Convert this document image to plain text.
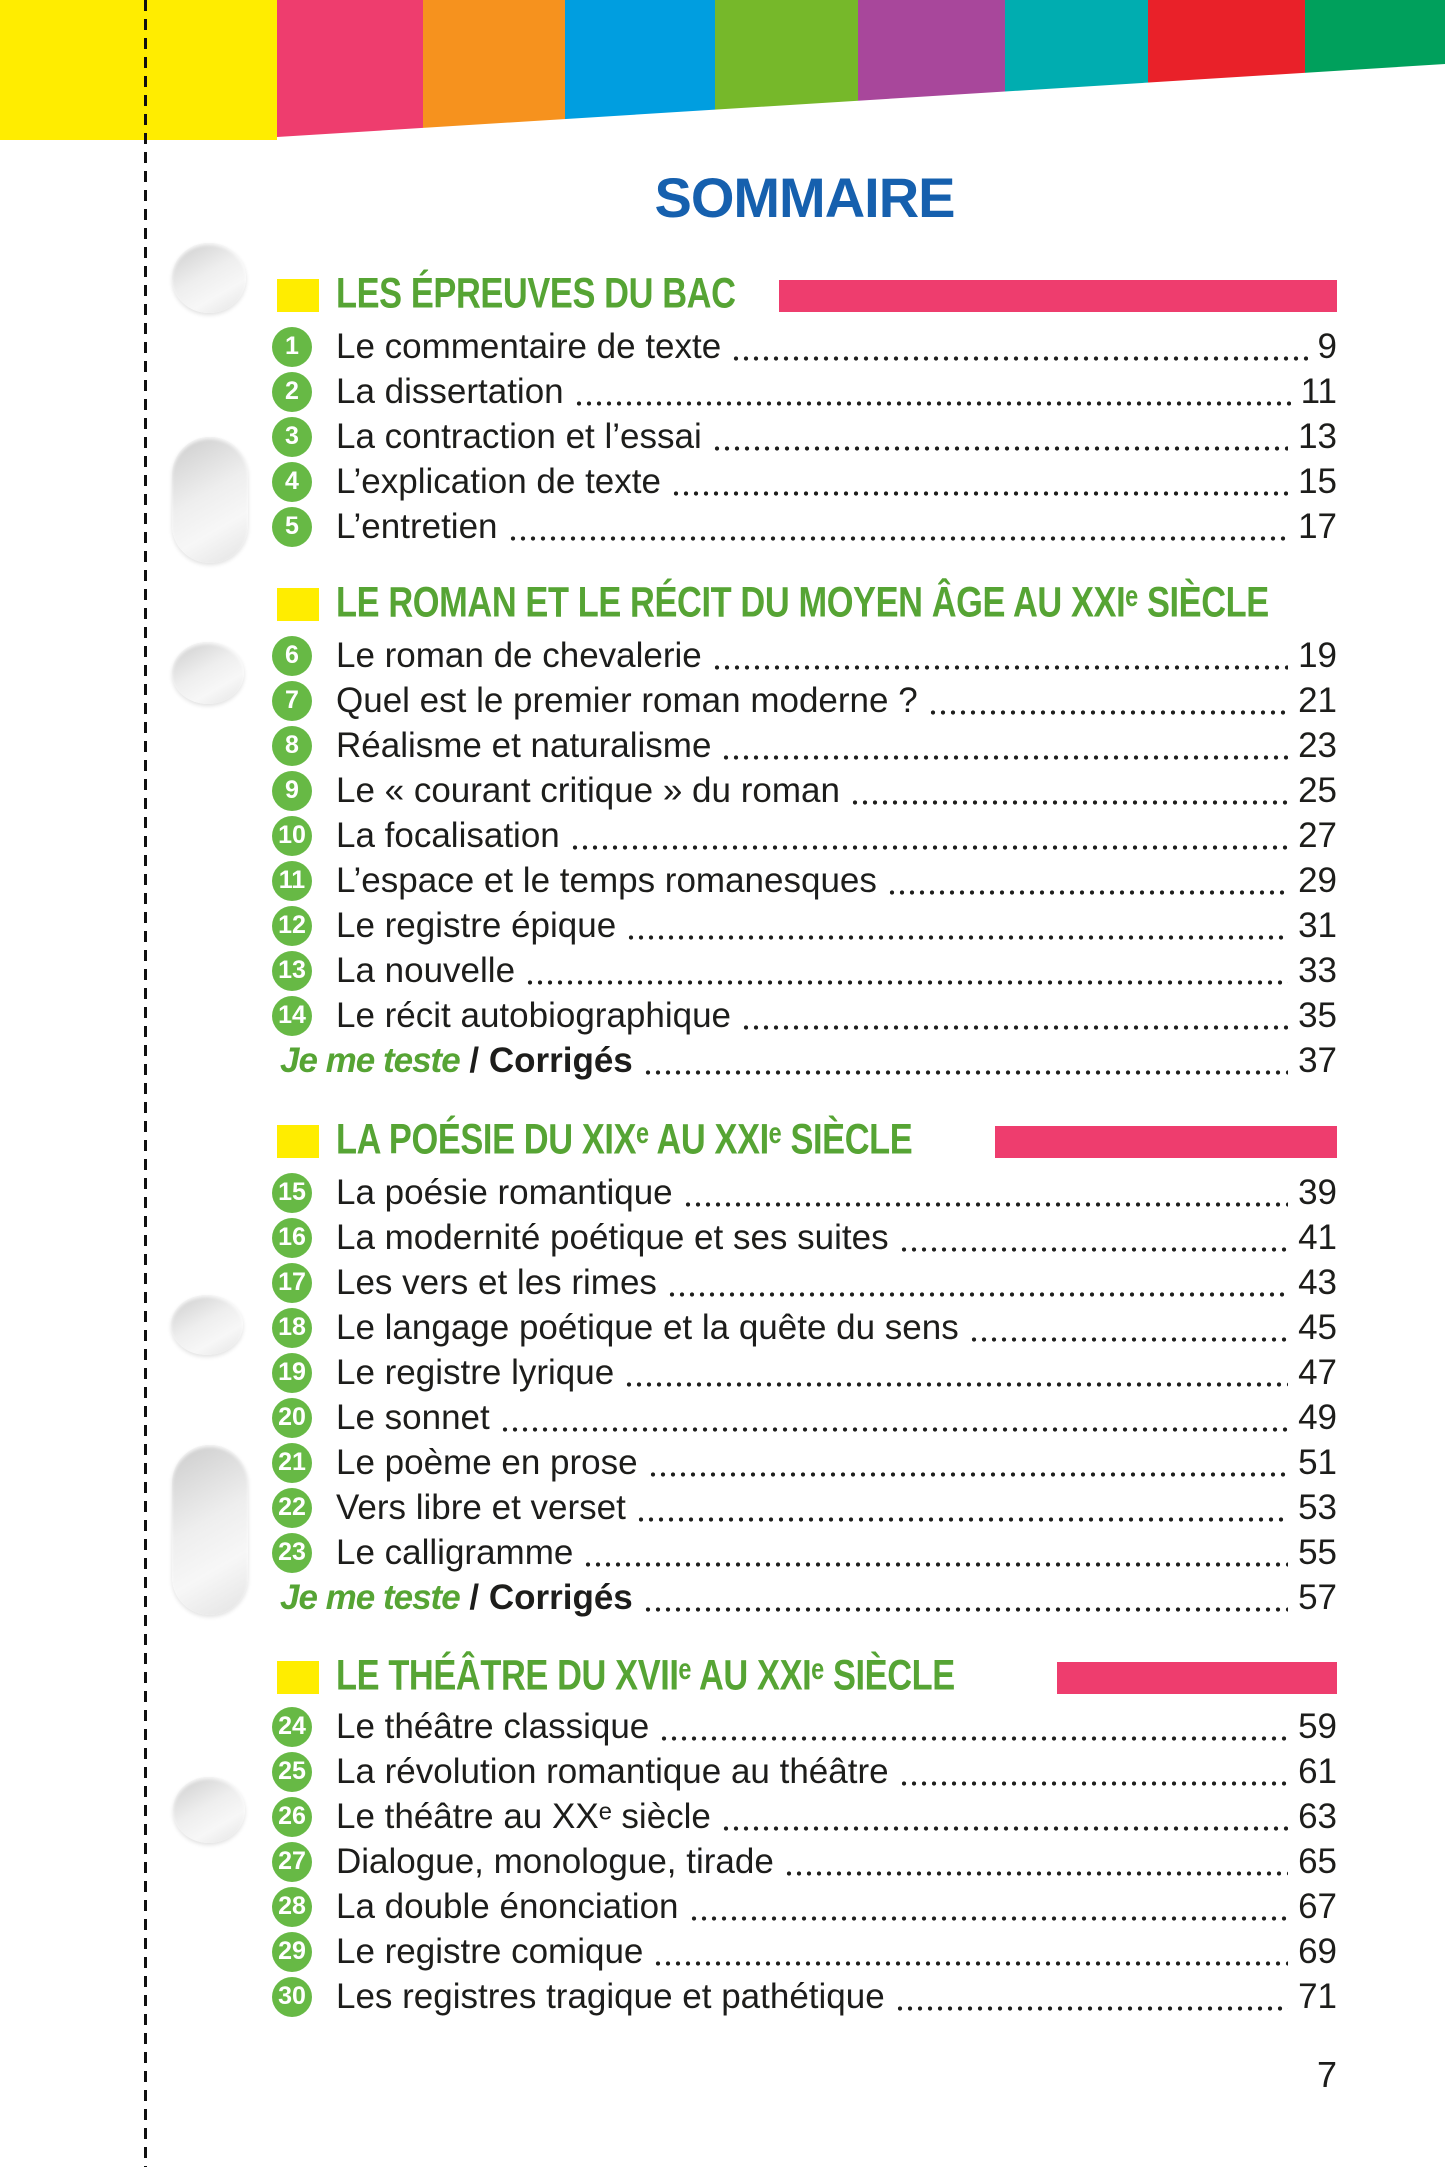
SOMMAIRE
LES ÉPREUVES DU BAC
1	Le commentaire de texte	9
2	La dissertation	11
3	La contraction et l’essai	13
4	L’explication de texte	15
5	L’entretien	17
LE ROMAN ET LE RÉCIT DU MOYEN ÂGE AU XXIᵉ SIÈCLE
6	Le roman de chevalerie	19
7	Quel est le premier roman moderne ?	21
8	Réalisme et naturalisme	23
9	Le « courant critique » du roman	25
10 La focalisation	27
11 L’espace et le temps romanesques	29
12 Le registre épique	31
13 La nouvelle	33
14 Le récit autobiographique	35
Je me teste / Corrigés	37
LA POÉSIE DU XIXᵉ AU XXIᵉ SIÈCLE
15 La poésie romantique	39
16 La modernité poétique et ses suites	41
17 Les vers et les rimes	43
18 Le langage poétique et la quête du sens	45
19 Le registre lyrique	47
20 Le sonnet	49
21 Le poème en prose	51
22 Vers libre et verset	53
23 Le calligramme	55
Je me teste / Corrigés	57
LE THÉÂTRE DU XVIIᵉ AU XXIᵉ SIÈCLE
24 Le théâtre classique	59
25 La révolution romantique au théâtre	61
26 Le théâtre au XXᵉ siècle	63
27 Dialogue, monologue, tirade	65
28 La double énonciation	67
29 Le registre comique	69
30 Les registres tragique et pathétique	71
7
